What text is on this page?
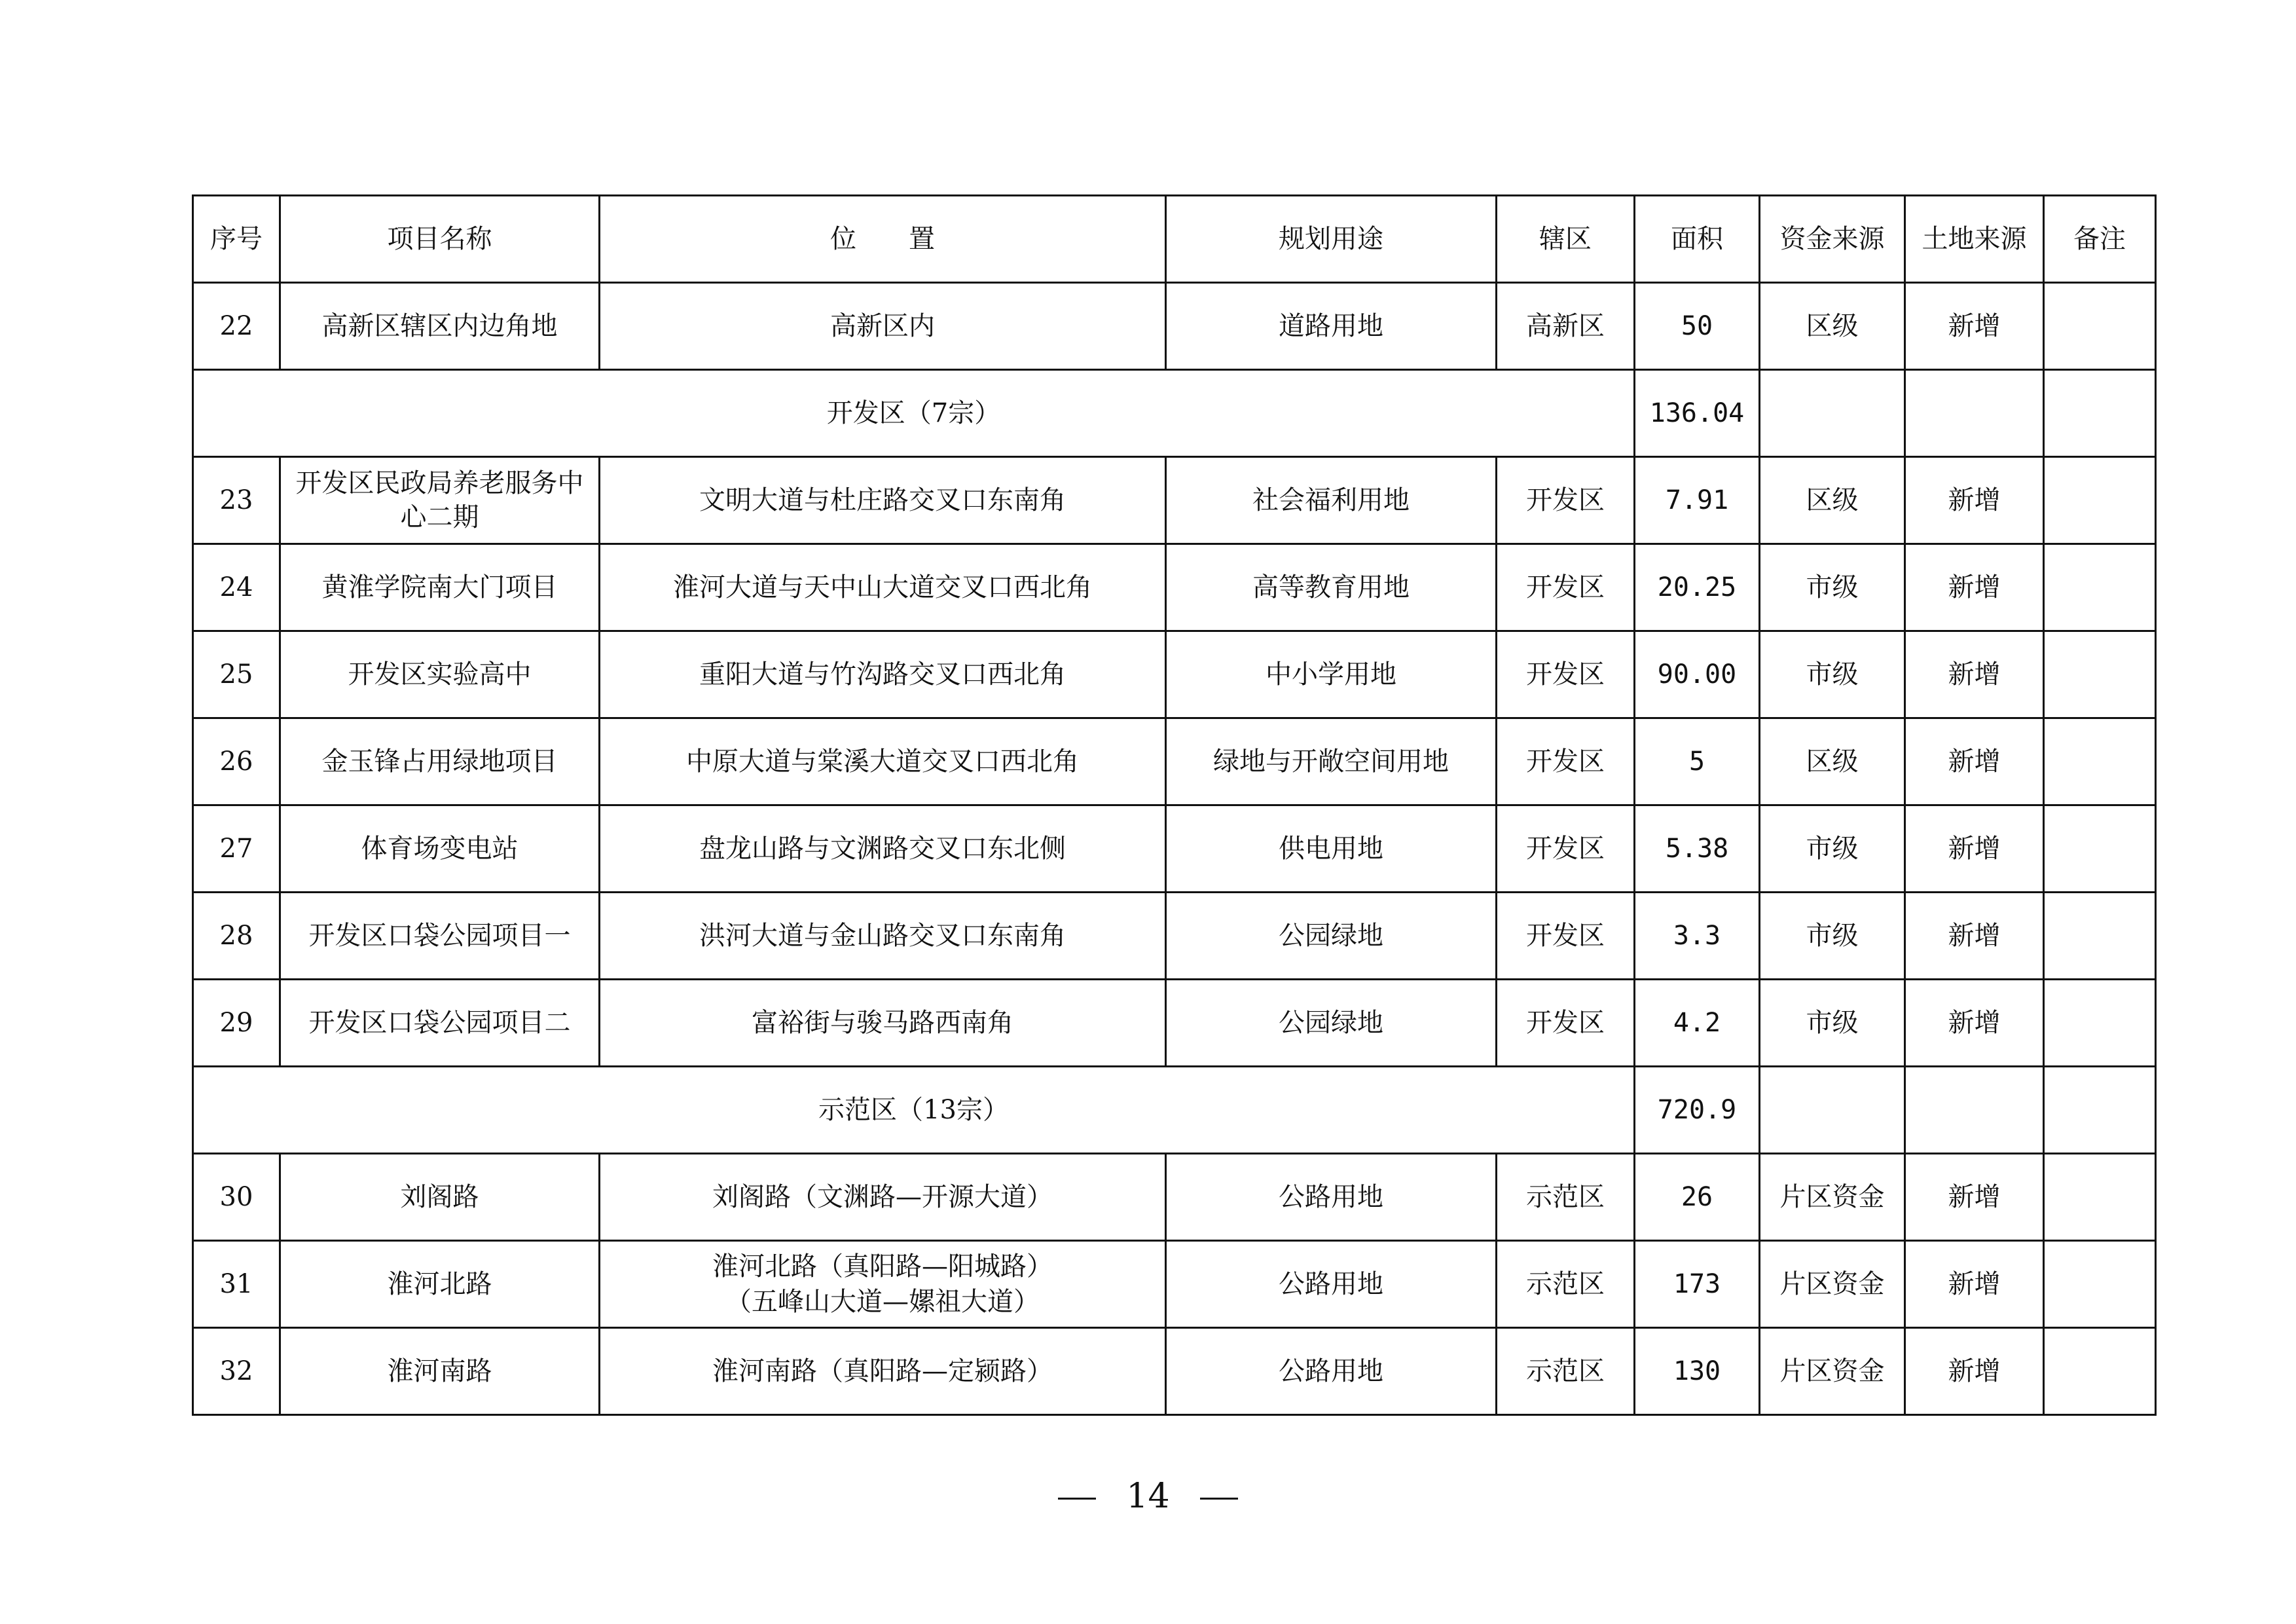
序号	项目名称	位　　置	规划用途	辖区	面积	资金来源	土地来源	备注
22	高新区辖区内边角地	高新区内	道路用地	高新区	50	区级	新增	
开发区（7宗）					136.04			
23	开发区民政局养老服务中心二期	文明大道与杜庄路交叉口东南角	社会福利用地	开发区	7.91	区级	新增	
24	黄淮学院南大门项目	淮河大道与天中山大道交叉口西北角	高等教育用地	开发区	20.25	市级	新增	
25	开发区实验高中	重阳大道与竹沟路交叉口西北角	中小学用地	开发区	90.00	市级	新增	
26	金玉锋占用绿地项目	中原大道与棠溪大道交叉口西北角	绿地与开敞空间用地	开发区	5	区级	新增	
27	体育场变电站	盘龙山路与文渊路交叉口东北侧	供电用地	开发区	5.38	市级	新增	
28	开发区口袋公园项目一	洪河大道与金山路交叉口东南角	公园绿地	开发区	3.3	市级	新增	
29	开发区口袋公园项目二	富裕街与骏马路西南角	公园绿地	开发区	4.2	市级	新增	
示范区（13宗）					720.9			
30	刘阁路	刘阁路（文渊路—开源大道）	公路用地	示范区	26	片区资金	新增	
31	淮河北路	淮河北路（真阳路—阳城路）
（五峰山大道—嫘祖大道）	公路用地	示范区	173	片区资金	新增	
32	淮河南路	淮河南路（真阳路—定颍路）	公路用地	示范区	130	片区资金	新增	
14
